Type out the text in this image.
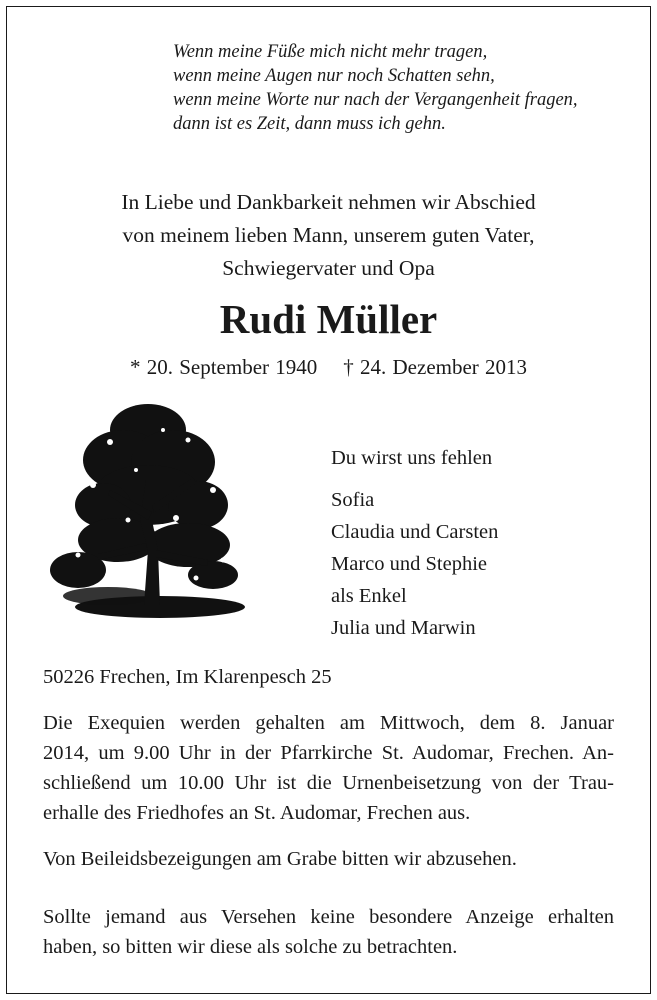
Wenn meine Füße mich nicht mehr tragen,
wenn meine Augen nur noch Schatten sehn,
wenn meine Worte nur nach der Vergangenheit fragen,
dann ist es Zeit, dann muss ich gehn.
In Liebe und Dankbarkeit nehmen wir Abschied
von meinem lieben Mann, unserem guten Vater,
Schwiegervater und Opa
Rudi Müller
* 20. September 1940 † 24. Dezember 2013
Du wirst uns fehlen
Sofia
Claudia und Carsten
Marco und Stephie
als Enkel
Julia und Marwin
50226 Frechen, Im Klarenpesch 25
Die Exequien werden gehalten am Mittwoch, dem 8. Januar
2014, um 9.00 Uhr in der Pfarrkirche St. Audomar, Frechen. An-
schließend um 10.00 Uhr ist die Urnenbeisetzung von der Trau-
erhalle des Friedhofes an St. Audomar, Frechen aus.
Von Beileidsbezeigungen am Grabe bitten wir abzusehen.
Sollte jemand aus Versehen keine besondere Anzeige erhalten
haben, so bitten wir diese als solche zu betrachten.
